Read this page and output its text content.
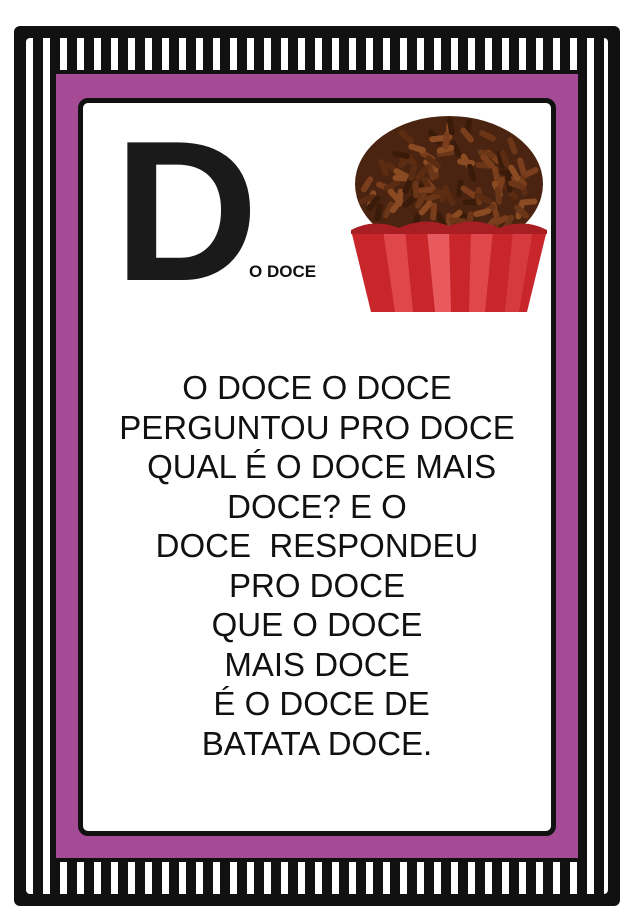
D
O DOCE

O DOCE O DOCE
PERGUNTOU PRO DOCE
QUAL É O DOCE MAIS
DOCE? E O
DOCE  RESPONDEU
PRO DOCE
QUE O DOCE
MAIS DOCE
É O DOCE DE
BATATA DOCE.
